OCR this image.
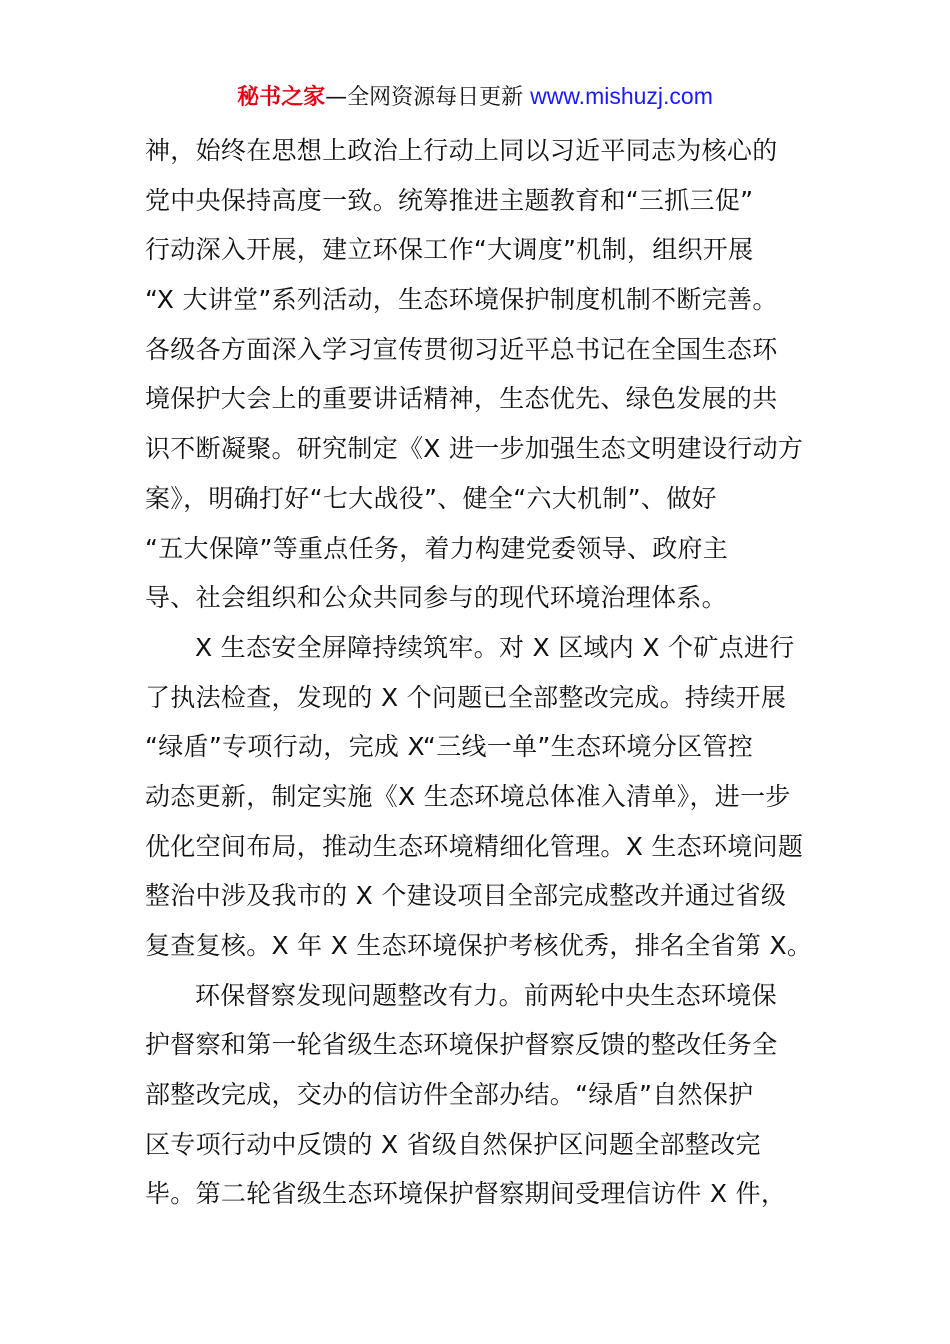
秘书之家—全网资源每日更新 www.mishuzj.com
神，始终在思想上政治上行动上同以习近平同志为核心的
党中央保持高度一致。统筹推进主题教育和“三抓三促”
行动深入开展，建立环保工作“大调度”机制，组织开展
“X 大讲堂”系列活动，生态环境保护制度机制不断完善。
各级各方面深入学习宣传贯彻习近平总书记在全国生态环
境保护大会上的重要讲话精神，生态优先、绿色发展的共
识不断凝聚。研究制定《X 进一步加强生态文明建设行动方
案》，明确打好“七大战役”、健全“六大机制”、做好
“五大保障”等重点任务，着力构建党委领导、政府主
导、社会组织和公众共同参与的现代环境治理体系。
X 生态安全屏障持续筑牢。对 X 区域内 X 个矿点进行
了执法检查，发现的 X 个问题已全部整改完成。持续开展
“绿盾”专项行动，完成 X“三线一单”生态环境分区管控
动态更新，制定实施《X 生态环境总体准入清单》，进一步
优化空间布局，推动生态环境精细化管理。X 生态环境问题
整治中涉及我市的 X 个建设项目全部完成整改并通过省级
复查复核。X 年 X 生态环境保护考核优秀，排名全省第 X。
环保督察发现问题整改有力。前两轮中央生态环境保
护督察和第一轮省级生态环境保护督察反馈的整改任务全
部整改完成，交办的信访件全部办结。“绿盾”自然保护
区专项行动中反馈的 X 省级自然保护区问题全部整改完
毕。第二轮省级生态环境保护督察期间受理信访件 X 件，
